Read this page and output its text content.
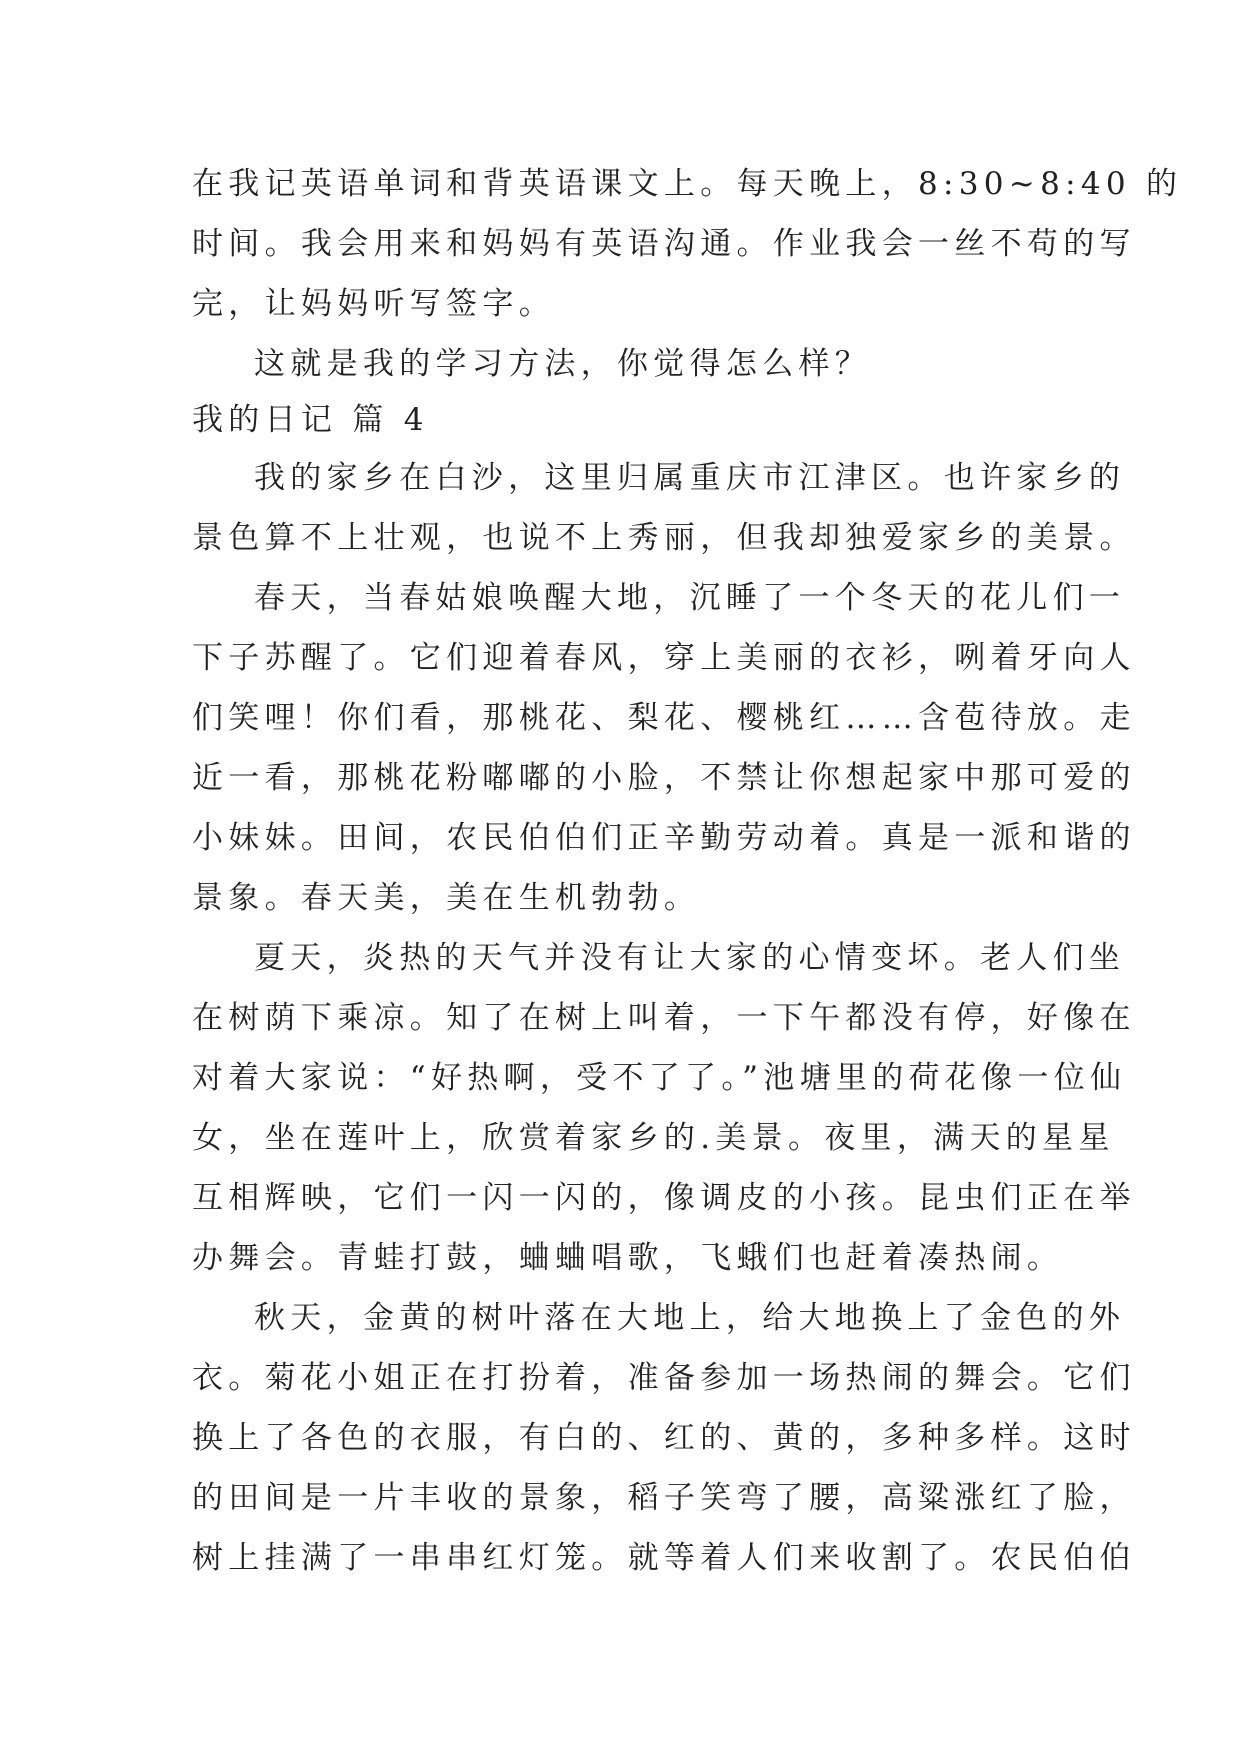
在我记英语单词和背英语课文上。每天晚上，8:30~8:40 的
时间。我会用来和妈妈有英语沟通。作业我会一丝不苟的写
完，让妈妈听写签字。
这就是我的学习方法，你觉得怎么样？
我的日记 篇 4
我的家乡在白沙，这里归属重庆市江津区。也许家乡的
景色算不上壮观，也说不上秀丽，但我却独爱家乡的美景。
春天，当春姑娘唤醒大地，沉睡了一个冬天的花儿们一
下子苏醒了。它们迎着春风，穿上美丽的衣衫，咧着牙向人
们笑哩！你们看，那桃花、梨花、樱桃红……含苞待放。走
近一看，那桃花粉嘟嘟的小脸，不禁让你想起家中那可爱的
小妹妹。田间，农民伯伯们正辛勤劳动着。真是一派和谐的
景象。春天美，美在生机勃勃。
夏天，炎热的天气并没有让大家的心情变坏。老人们坐
在树荫下乘凉。知了在树上叫着，一下午都没有停，好像在
对着大家说：“好热啊，受不了了。”池塘里的荷花像一位仙
女，坐在莲叶上，欣赏着家乡的.美景。夜里，满天的星星
互相辉映，它们一闪一闪的，像调皮的小孩。昆虫们正在举
办舞会。青蛙打鼓，蛐蛐唱歌，飞蛾们也赶着凑热闹。
秋天，金黄的树叶落在大地上，给大地换上了金色的外
衣。菊花小姐正在打扮着，准备参加一场热闹的舞会。它们
换上了各色的衣服，有白的、红的、黄的，多种多样。这时
的田间是一片丰收的景象，稻子笑弯了腰，高粱涨红了脸，
树上挂满了一串串红灯笼。就等着人们来收割了。农民伯伯
